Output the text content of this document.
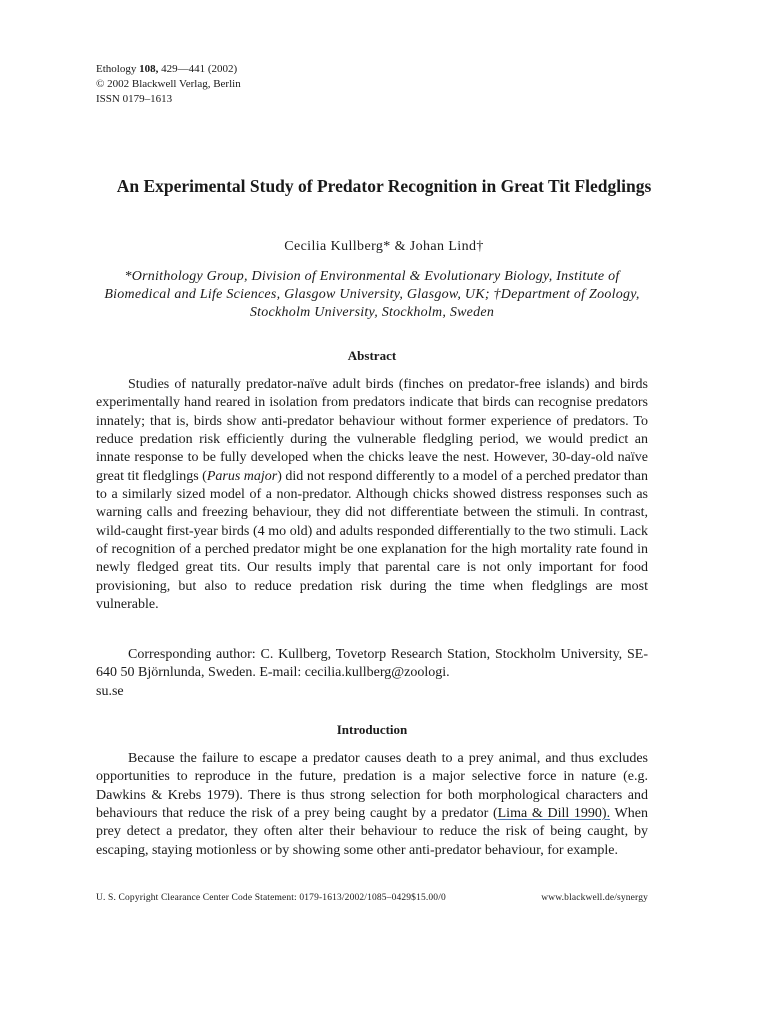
Ethology 108, 429—441 (2002)
© 2002 Blackwell Verlag, Berlin
ISSN 0179–1613
An Experimental Study of Predator Recognition in Great Tit Fledglings
Cecilia Kullberg* & Johan Lind†
*Ornithology Group, Division of Environmental & Evolutionary Biology, Institute of Biomedical and Life Sciences, Glasgow University, Glasgow, UK; †Department of Zoology, Stockholm University, Stockholm, Sweden
Abstract
Studies of naturally predator-naïve adult birds (finches on predator-free islands) and birds experimentally hand reared in isolation from predators indicate that birds can recognise predators innately; that is, birds show anti-predator behaviour without former experience of predators. To reduce predation risk efficiently during the vulnerable fledgling period, we would predict an innate response to be fully developed when the chicks leave the nest. However, 30-day-old naïve great tit fledglings (Parus major) did not respond differently to a model of a perched predator than to a similarly sized model of a non-predator. Although chicks showed distress responses such as warning calls and freezing behaviour, they did not differentiate between the stimuli. In contrast, wild-caught first-year birds (4 mo old) and adults responded differentially to the two stimuli. Lack of recognition of a perched predator might be one explanation for the high mortality rate found in newly fledged great tits. Our results imply that parental care is not only important for food provisioning, but also to reduce predation risk during the time when fledglings are most vulnerable.
Corresponding author: C. Kullberg, Tovetorp Research Station, Stockholm University, SE-640 50 Björnlunda, Sweden. E-mail: cecilia.kullberg@zoologi.
su.se
Introduction
Because the failure to escape a predator causes death to a prey animal, and thus excludes opportunities to reproduce in the future, predation is a major selective force in nature (e.g. Dawkins & Krebs 1979). There is thus strong selection for both morphological characters and behaviours that reduce the risk of a prey being caught by a predator (Lima & Dill 1990). When prey detect a predator, they often alter their behaviour to reduce the risk of being caught, by escaping, staying motionless or by showing some other anti-predator behaviour, for example.
U. S. Copyright Clearance Center Code Statement: 0179-1613/2002/1085–0429$15.00/0	www.blackwell.de/synergy
